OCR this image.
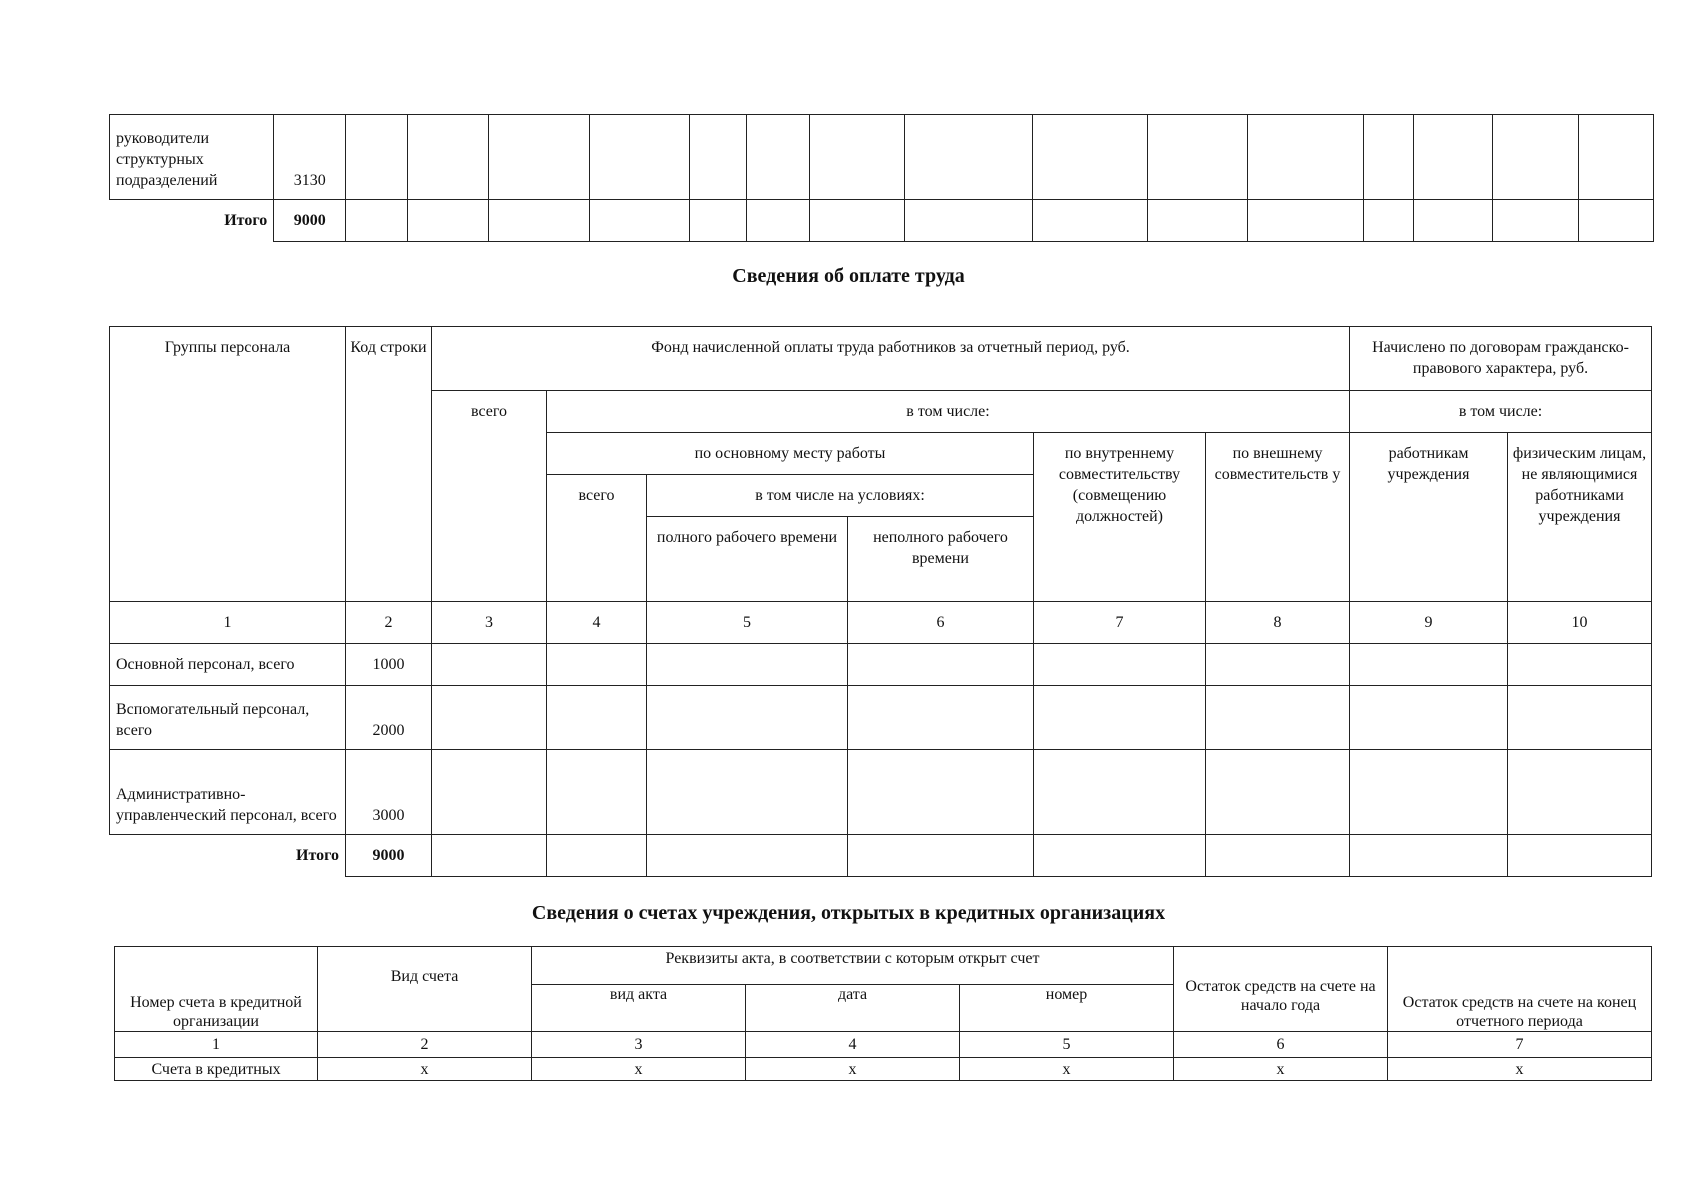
руководители структурных подразделений	3130															
Итого	9000															
Сведения об оплате труда
Группы персонала	Код строки	Фонд начисленной оплаты труда работников за отчетный период, руб.						Начислено по договорам гражданско-правового характера, руб.	
		всего	в том числе:					в том числе:	
			по основному месту работы			по внутреннему совместительству (совмещению должностей)	по внешнему совместительств у	работникам учреждения	физическим лицам, не являющимися работниками учреждения
			всего	в том числе на условиях:					
				полного рабочего времени	неполного рабочего времени				
1	2	3	4	5	6	7	8	9	10
Основной персонал, всего	1000								
Вспомогательный персонал, всего	2000								
Административно-управленческий персонал, всего	3000								
Итого	9000								
Сведения о счетах учреждения, открытых в кредитных организациях
Номер счета в кредитной организации	Вид счета	Реквизиты акта, в соответствии с которым открыт счет			Остаток средств на счете на начало года	Остаток средств на счете на конец отчетного периода
		вид акта	дата	номер		
1	2	3	4	5	6	7
Счета в кредитных	x	x	x	x	x	x
